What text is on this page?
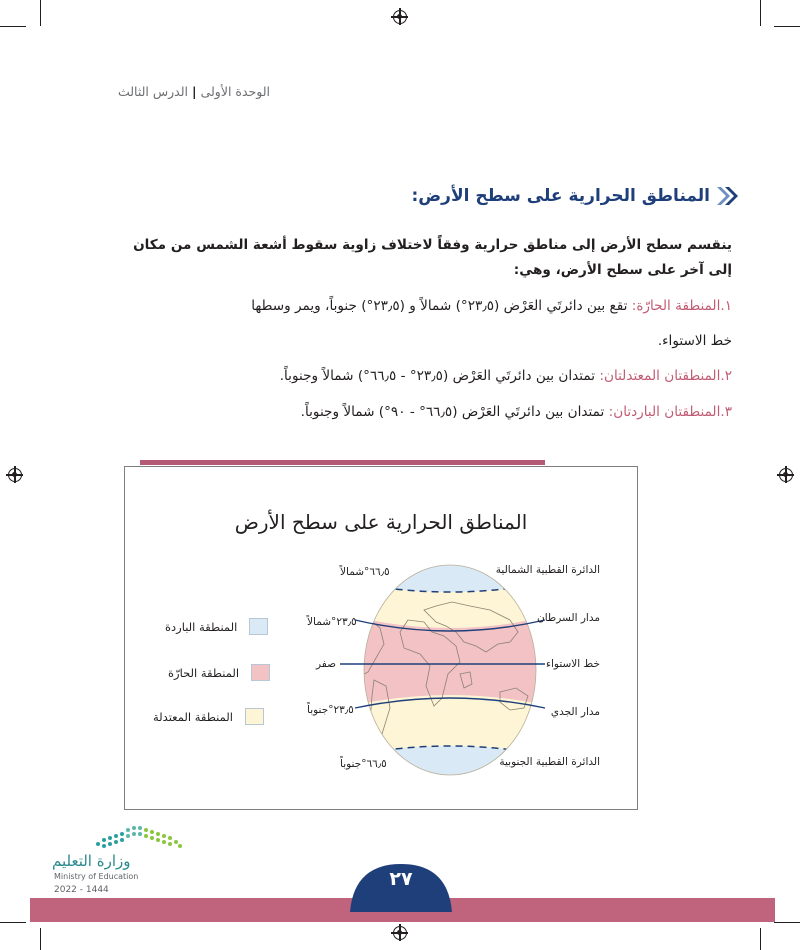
الوحدة الأولى|الدرس الثالث
المناطق الحرارية على سطح الأرض:
ينقسم سطح الأرض إلى مناطق حرارية وفقاً لاختلاف زاوية سقوط أشعة الشمس من مكان
إلى آخر على سطح الأرض، وهي:
١.المنطقة الحارّة: تقع بين دائرتَي العَرْض (٢٣٫٥°) شمالاً و (٢٣٫٥°) جنوباً، ويمر وسطها
خط الاستواء.
٢.المنطقتان المعتدلتان: تمتدان بين دائرتَي العَرْض (٢٣٫٥° - ٦٦٫٥°) شمالاً وجنوباً.
٣.المنطقتان الباردتان: تمتدان بين دائرتَي العَرْض (٦٦٫٥° - ٩٠°) شمالاً وجنوباً.
المناطق الحرارية على سطح الأرض
الدائرة القطبية الشمالية
مدار السرطان
خط الاستواء
مدار الجدي
الدائرة القطبية الجنوبية
٦٦٫٥°شمالاً
٢٣٫٥°شمالاً
صفر
٢٣٫٥°جنوباً
٦٦٫٥°جنوباً
المنطقة الباردة
المنطقة الحارّة
المنطقة المعتدلة
وزارة التعليم
Ministry of Education
2022 - 1444	٢٧
